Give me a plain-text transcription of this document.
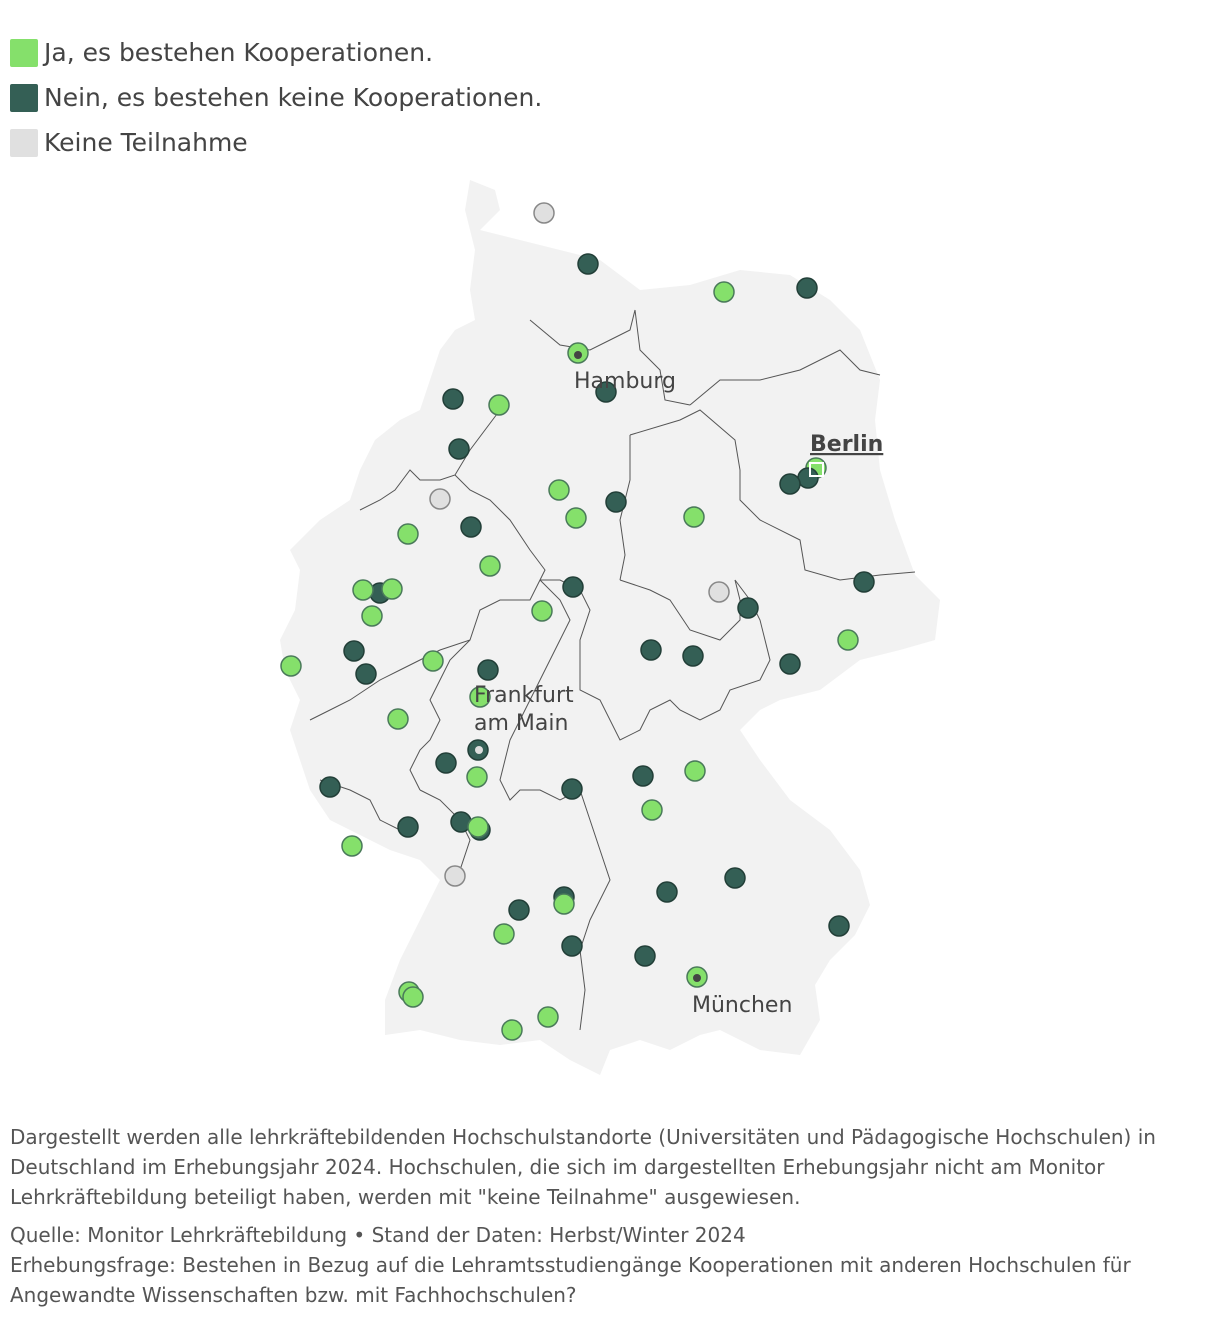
Ja, es bestehen Kooperationen.
Nein, es bestehen keine Kooperationen.
Keine Teilnahme
Hamburg
Berlin
Frankfurt
am Main
München

Dargestellt werden alle lehrkräftebildenden Hochschulstandorte (Universitäten und Pädagogische Hochschulen) in Deutschland im Erhebungsjahr 2024. Hochschulen, die sich im dargestellten Erhebungsjahr nicht am Monitor Lehrkräftebildung beteiligt haben, werden mit "keine Teilnahme" ausgewiesen.

Quelle: Monitor Lehrkräftebildung • Stand der Daten: Herbst/Winter 2024

Erhebungsfrage: Bestehen in Bezug auf die Lehramtsstudiengänge Kooperationen mit anderen Hochschulen für Angewandte Wissenschaften bzw. mit Fachhochschulen?
